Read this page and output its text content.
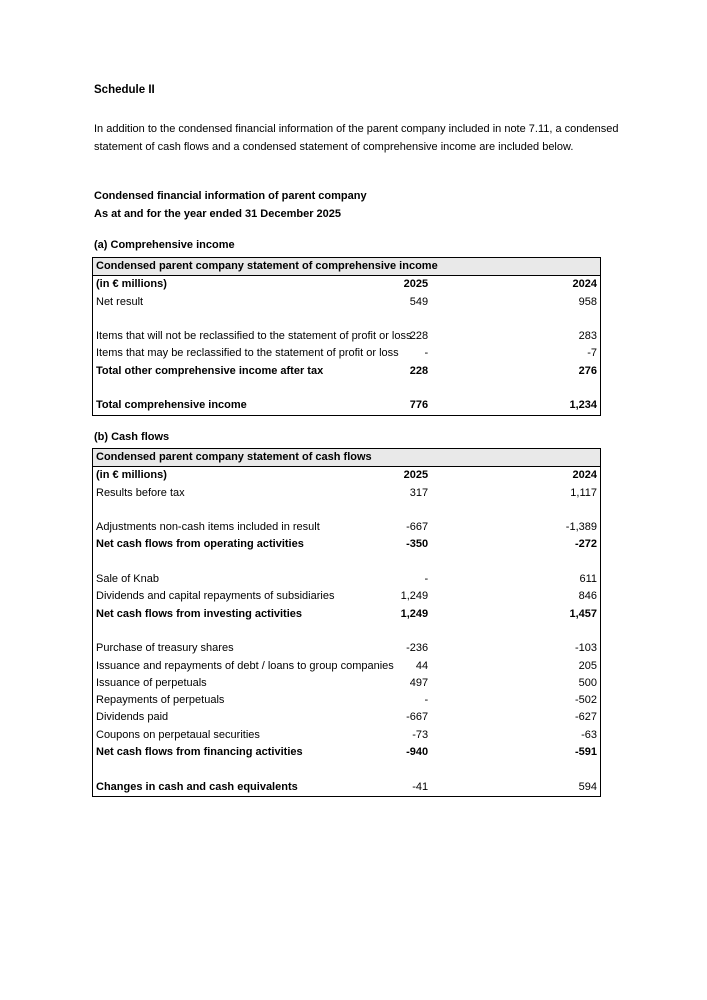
Schedule II

In addition to the condensed financial information of the parent company included in note 7.11, a condensed statement of cash flows and a condensed statement of comprehensive income are included below.

Condensed financial information of parent company
As at and for the year ended 31 December 2025
(a) Comprehensive income
Condensed parent company statement of comprehensive income		
(in € millions)	2025	2024
Net result	549	958

Items that will not be reclassified to the statement of profit or loss	228	283
Items that may be reclassified to the statement of profit or loss	-	-7
Total other comprehensive income after tax	228	276

Total comprehensive income	776	1,234
(b) Cash flows
Condensed parent company statement of cash flows		
(in € millions)	2025	2024
Results before tax	317	1,117

Adjustments non-cash items included in result	-667	-1,389
Net cash flows from operating activities	-350	-272

Sale of Knab	-	611
Dividends and capital repayments of subsidiaries	1,249	846
Net cash flows from investing activities	1,249	1,457

Purchase of treasury shares	-236	-103
Issuance and repayments of debt / loans to group companies	44	205
Issuance of perpetuals	497	500
Repayments of perpetuals	-	-502
Dividends paid	-667	-627
Coupons on perpetaual securities	-73	-63
Net cash flows from financing activities	-940	-591

Changes in cash and cash equivalents	-41	594
